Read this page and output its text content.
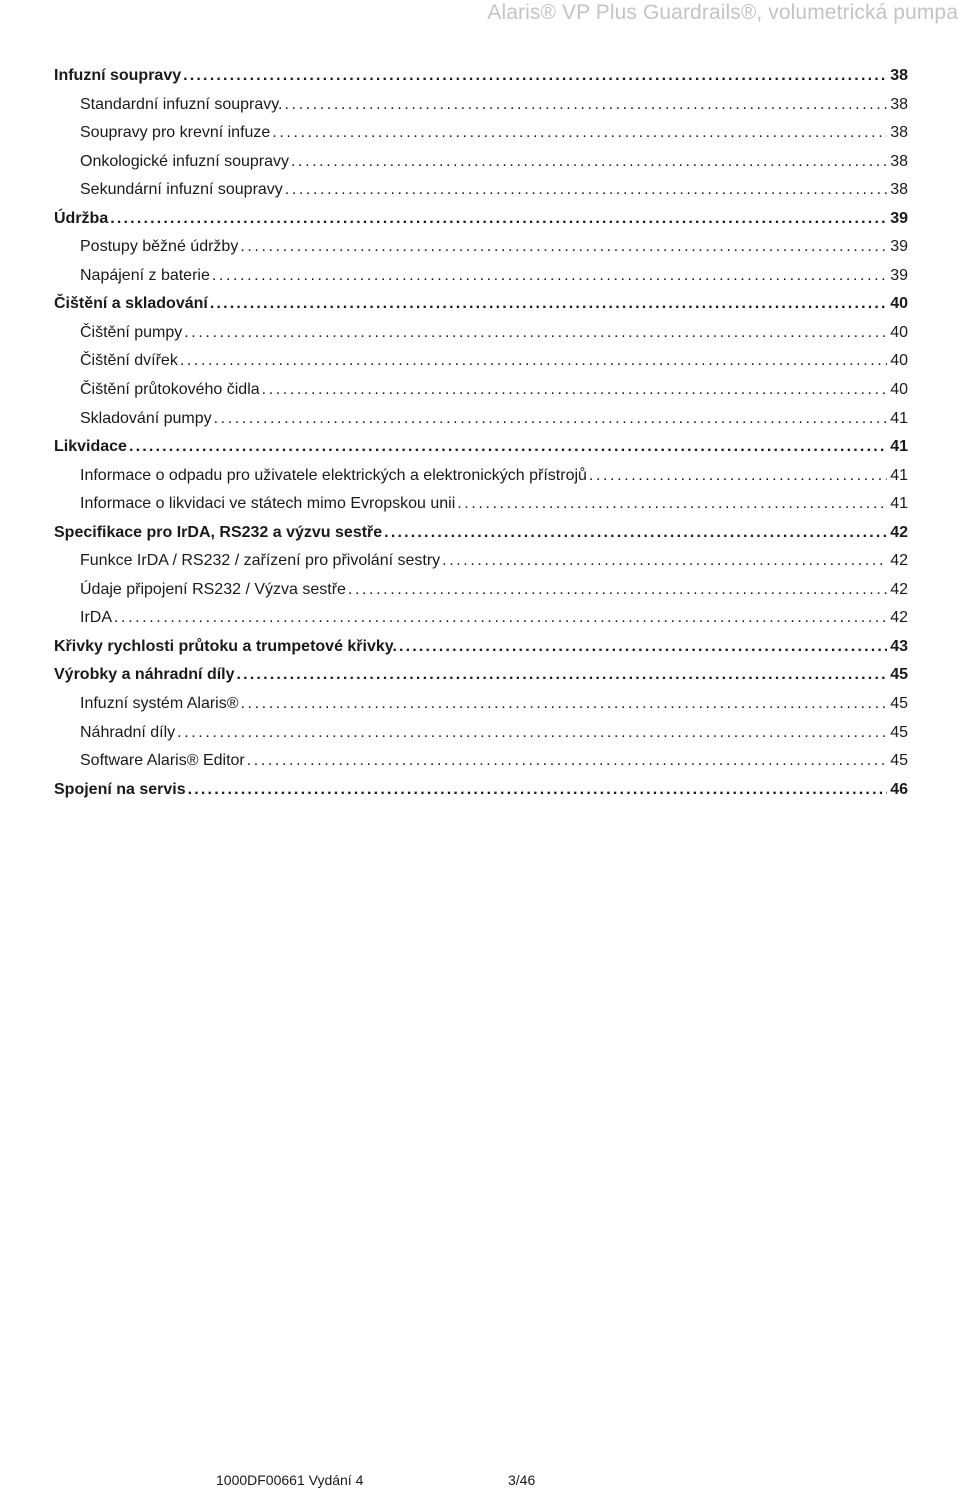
Alaris® VP Plus Guardrails®, volumetrická pumpa
Infuzní soupravy .....	38
Standardní infuzní soupravy. .....	38
Soupravy pro krevní infuze .....	38
Onkologické infuzní soupravy .....	38
Sekundární infuzní soupravy .....	38
Údržba .....	39
Postupy běžné údržby .....	39
Napájení z baterie .....	39
Čištění a skladování .....	40
Čištění pumpy .....	40
Čištění dvířek .....	40
Čištění průtokového čidla .....	40
Skladování pumpy .....	41
Likvidace .....	41
Informace o odpadu pro uživatele elektrických a elektronických přístrojů .....	41
Informace o likvidaci ve státech mimo Evropskou unii .....	41
Specifikace pro IrDA, RS232 a výzvu sestře .....	42
Funkce IrDA / RS232 / zařízení pro přivolání sestry .....	42
Údaje připojení RS232 / Výzva sestře .....	42
IrDA .....	42
Křivky rychlosti průtoku a trumpetové křivky. .....	43
Výrobky a náhradní díly .....	45
Infuzní systém Alaris® .....	45
Náhradní díly .....	45
Software Alaris® Editor .....	45
Spojení na servis .....	46
1000DF00661 Vydání 4	3/46
